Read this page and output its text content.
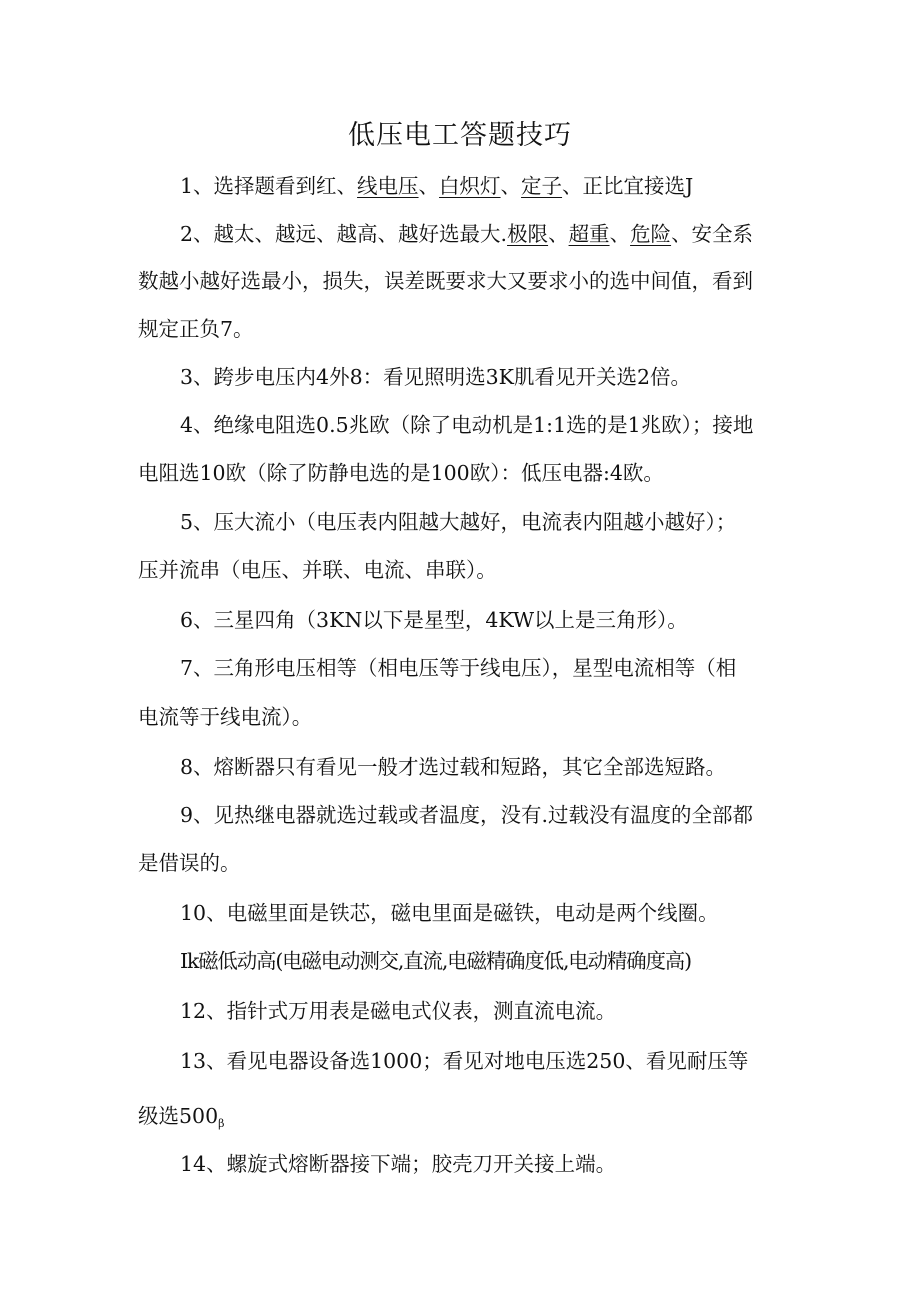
低压电工答题技巧
1、选择题看到红、线电压、白炽灯、定子、正比宜接选J
2、越太、越远、越高、越好选最大.极限、超重、危险、安全系
数越小越好选最小，损失，误差既要求大又要求小的选中间值，看到
规定正负7。
3、跨步电压内4外8：看见照明选3K肌看见开关选2倍。
4、绝缘电阻选0.5兆欧（除了电动机是1:1选的是1兆欧）；接地
电阻选10欧（除了防静电选的是100欧）：低压电器:4欧。
5、压大流小（电压表内阻越大越好，电流表内阻越小越好）；
压并流串（电压、并联、电流、串联）。
6、三星四角（3KN以下是星型，4KW以上是三角形）。
7、三角形电压相等（相电压等于线电压），星型电流相等（相
电流等于线电流）。
8、熔断器只有看见一般才选过载和短路，其它全部选短路。
9、见热继电器就选过载或者温度，没有.过载没有温度的全部都
是借误的。
10、电磁里面是铁芯，磁电里面是磁铁，电动是两个线圈。
Ik磁低动高(电磁电动测交,直流,电磁精确度低,电动精确度高)
12、指针式万用表是磁电式仪表，测直流电流。
13、看见电器设备选1000；看见对地电压选250、看见耐压等
级选$500_\beta$
14、螺旋式熔断器接下端；胶壳刀开关接上端。
